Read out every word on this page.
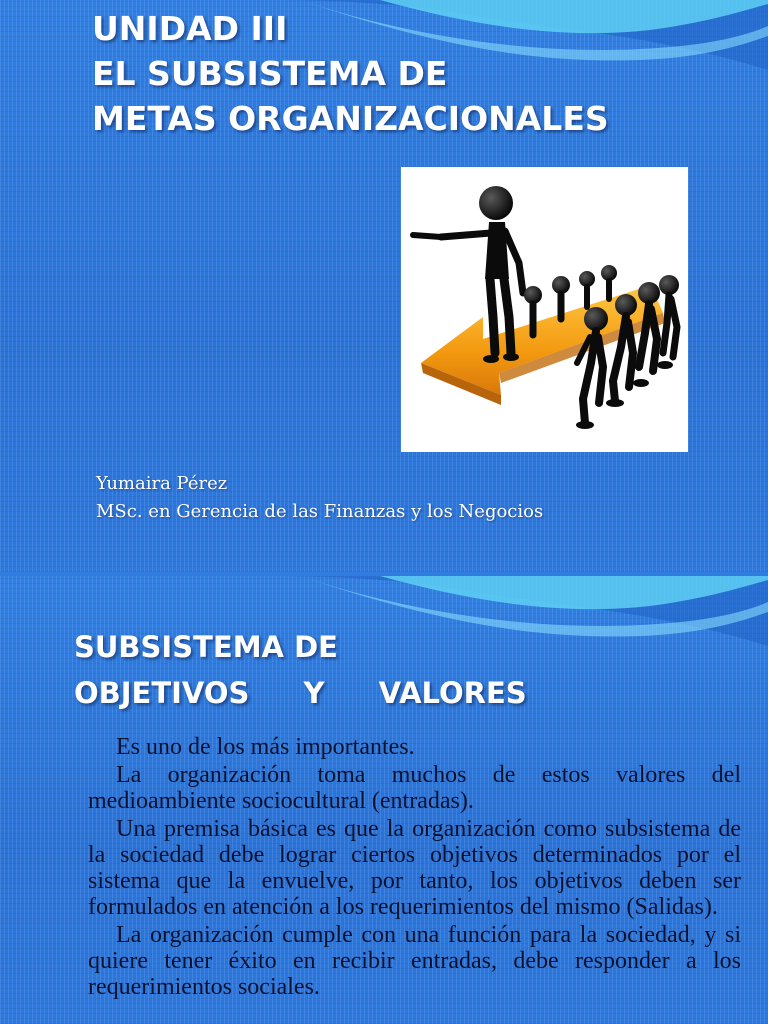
UNIDAD III
EL SUBSISTEMA DE
METAS ORGANIZACIONALES
Yumaira Pérez
MSc. en Gerencia de las Finanzas y los Negocios
SUBSISTEMA DE
OBJETIVOS Y VALORES

Es uno de los más importantes.

La organización toma muchos de estos valores del medioambiente sociocultural (entradas).

Una premisa básica es que la organización como subsistema de la sociedad debe lograr ciertos objetivos determinados por el sistema que la envuelve, por tanto, los objetivos deben ser formulados en atención a los requerimientos del mismo (Salidas).

La organización cumple con una función para la sociedad, y si quiere tener éxito en recibir entradas, debe responder a los requerimientos sociales.
